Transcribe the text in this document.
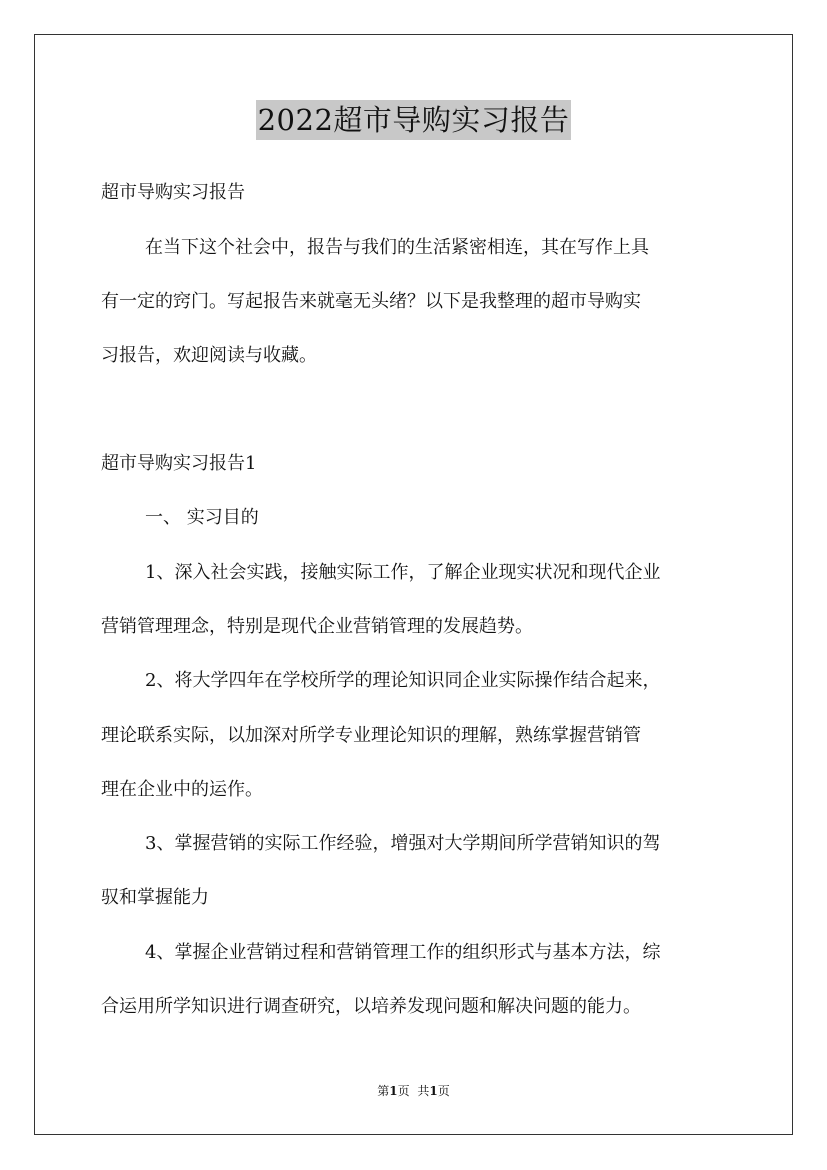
2022超市导购实习报告
超市导购实习报告
在当下这个社会中，报告与我们的生活紧密相连，其在写作上具
有一定的窍门。写起报告来就毫无头绪？以下是我整理的超市导购实
习报告，欢迎阅读与收藏。
超市导购实习报告1
一、 实习目的
1、深入社会实践，接触实际工作，了解企业现实状况和现代企业
营销管理理念，特别是现代企业营销管理的发展趋势。
2、将大学四年在学校所学的理论知识同企业实际操作结合起来，
理论联系实际，以加深对所学专业理论知识的理解，熟练掌握营销管
理在企业中的运作。
3、掌握营销的实际工作经验，增强对大学期间所学营销知识的驾
驭和掌握能力
4、掌握企业营销过程和营销管理工作的组织形式与基本方法，综
合运用所学知识进行调查研究，以培养发现问题和解决问题的能力。
第1页 共1页
